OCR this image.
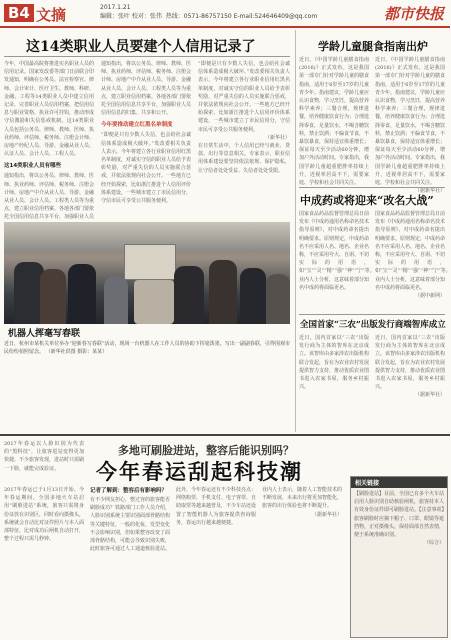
B4 文摘	2017.1.21
编辑：张叶 校对：张伟 热线：0571-86757150 E-mail:524646409@qq.com	都市快报
这14类职业人员要建个人信用记录了
今年，中国最高院将推进实名职业人员的信用记录。国家发改委等部门日前联合印发通知，明确在公务员、法官检察官、律师、会计审计、医疗卫生、教师、科研、金融、工程等14类职业人员中建立信用记录，完善职业人员信用档案，把信用信息与职业资格、执业许可挂钩，推动形成守信激励和失信惩戒机制。这14类职业人员包括公务员、律师、教师、医师、执业药师、评估师、税务师、注册会计师、房地产经纪人员、导游、金融从业人员、认证人员、会计人员、工程人员。
这14类职业人员有哪些
通知指出，将以公务员、律师、教师、医师、执业药师、评估师、税务师、注册会计师、房地产中介从业人员、导游、金融从业人员、会计人员、工程类人员等为重点，建立职业信用档案。各地各部门要依托全国信用信息共享平台，加强职业人员
通知指出，将以公务员、律师、教师、医师、执业药师、评估师、税务师、注册会计师、房地产中介从业人员、导游、金融从业人员、会计人员、工程类人员等为重点，建立职业信用档案。各地各部门要依托全国信用信息共享平台，加强职业人员信用信息的归集、共享和公开。
今年要推动建立红黑名单制度
“即便是只有少数人失信，也会给社会诚信体系造成极大破坏。”发改委相关负责人表示，今年将建立各行业职业信用红黑名单制度，对诚实守信的职业人员给予表彰奖励，对严重失信的人员实施联合惩戒，并依法依规向社会公开。一些地方已经开始探索，比如浙江推进个人信用评价体系建设，一些城市建立了市民信用分，守信市民可享受公共服务便利。
“即便是只有少数人失信，也会给社会诚信体系造成极大破坏。”发改委相关负责人表示，今年将建立各行业职业信用红黑名单制度，对诚实守信的职业人员给予表彰奖励，对严重失信的人员实施联合惩戒，并依法依规向社会公开。一些地方已经开始探索，比如浙江推进个人信用评价体系建设，一些城市建立了市民信用分，守信市民可享受公共服务便利。
（新华社）
在日常生活中，个人信用已经与就业、贷款、出行等息息相关。专家表示，职业信用体系建设要坚持依法依规、保护隐私，让守信者处处受益、失信者处处受限。
机器人挥毫写春联
近日，杭州市某机关单位举办“迎新春写春联”活动，现场一台机器人在工作人员的协助下挥毫泼墨，写出一副副春联，引得围观市民纷纷拍照留念。 （新华社供图 摄影：某某）
学龄儿童腿食指南出炉
近日，《中国学龄儿童膳食指南(2016)》正式发布。这是我国第一部专门针对学龄儿童的膳食指南，适用于6岁至17岁的儿童青少年。指南建议，学龄儿童应认识食物，学习烹饪，提高营养科学素养；三餐合理，规律进餐，培养健康饮食行为；合理选择零食，足量饮水，不喝含糖饮料，禁止饮酒；不偏食节食，不暴饮暴食，保持适宜体重增长；保证每天至少活动60分钟，增加户外活动时间。专家指出，我国学龄儿童超重肥胖率持续上升，近视率居高不下，需要家庭、学校和社会共同关注。
近日，《中国学龄儿童膳食指南(2016)》正式发布。这是我国第一部专门针对学龄儿童的膳食指南，适用于6岁至17岁的儿童青少年。指南建议，学龄儿童应认识食物，学习烹饪，提高营养科学素养；三餐合理，规律进餐，培养健康饮食行为；合理选择零食，足量饮水，不喝含糖饮料，禁止饮酒；不偏食节食，不暴饮暴食，保持适宜体重增长；保证每天至少活动60分钟，增加户外活动时间。专家指出，我国学龄儿童超重肥胖率持续上升，近视率居高不下，需要家庭、学校和社会共同关注。
（据新华社）
中成药或将迎来“改名大战”
国家食品药品监督管理总局日前发布《中成药通用名称命名技术指导原则》，对中成药命名提出明确要求。原则规定，中成药命名不应采用人名、地名、企业名称，不应采用夸大、自诩、不切实际的用语，如“宝”“灵”“精”“强”“神”“宁”等。业内人士分析，这意味着部分知名中成药将面临更名。
国家食品药品监督管理总局日前发布《中成药通用名称命名技术指导原则》，对中成药命名提出明确要求。原则规定，中成药命名不应采用人名、地名、企业名称，不应采用夸大、自诩、不切实际的用语，如“宝”“灵”“精”“强”“神”“宁”等。业内人士分析，这意味着部分知名中成药将面临更名。
（据中新网）
全国首家“三农”出版发行商端智库成立
近日，国内首家以“三农”出版发行商为主体的智库在北京成立。该智库由多家涉农出版机构联合发起，旨在为农业农村发展提供智力支持，推动优质农业图书进入农家书屋，服务乡村振兴。
近日，国内首家以“三农”出版发行商为主体的智库在北京成立。该智库由多家涉农出版机构联合发起，旨在为农业农村发展提供智力支持，推动优质农业图书进入农家书屋，服务乡村振兴。
（据新华社）
2017年春运以人脸识别为代表的“黑科技”，让旅客进站变得更加快捷。不少旅客发现，进站时只需刷一下脸，就能完成验证。
多地可刷脸进站，整容后能识别吗？
今年春运刮起科技潮
2017年春运已于1月13日开始。今年春运期间，全国多地火车站启用“刷脸进站”系统，旅客只需将身份证放在识别区，同时看向摄像头，系统就会自动比对证件照片与本人面部特征，比对成功后闸机自动打开，整个过程只需几秒钟。
记者了解到：整容后有影响吗？
有不少网友担心，整过容的旅客能否刷脸成功？铁路部门工作人员介绍，人脸识别系统主要识别面部骨骼结构等关键特征，一般的化妆、发型变化不会影响识别，但如果整容改变了面部骨骼结构，可能会导致识别失败，此时旅客可通过人工通道核验进站。
此外，今年春运还有不少科技亮点：网络购票、手机支付、电子客票、自助取票等越来越普及，不少车站还设置了智能机器人为旅客提供咨询服务，春运出行越来越便捷。
业内人士表示，随着人工智能技术的不断发展，未来出行将更加智能化，旅客的出行体验也将不断提升。
（据新华社）
相关链接
【刷脸进站】目前，全国已有多个火车站启用人脸识别自助核验闸机，旅客持本人有效身份证件即可刷脸进站。【注意事项】旅客刷脸时应摘下帽子、口罩、眼镜等遮挡物，正对摄像头，保持面部自然表情，便于系统准确识别。
（综合）
